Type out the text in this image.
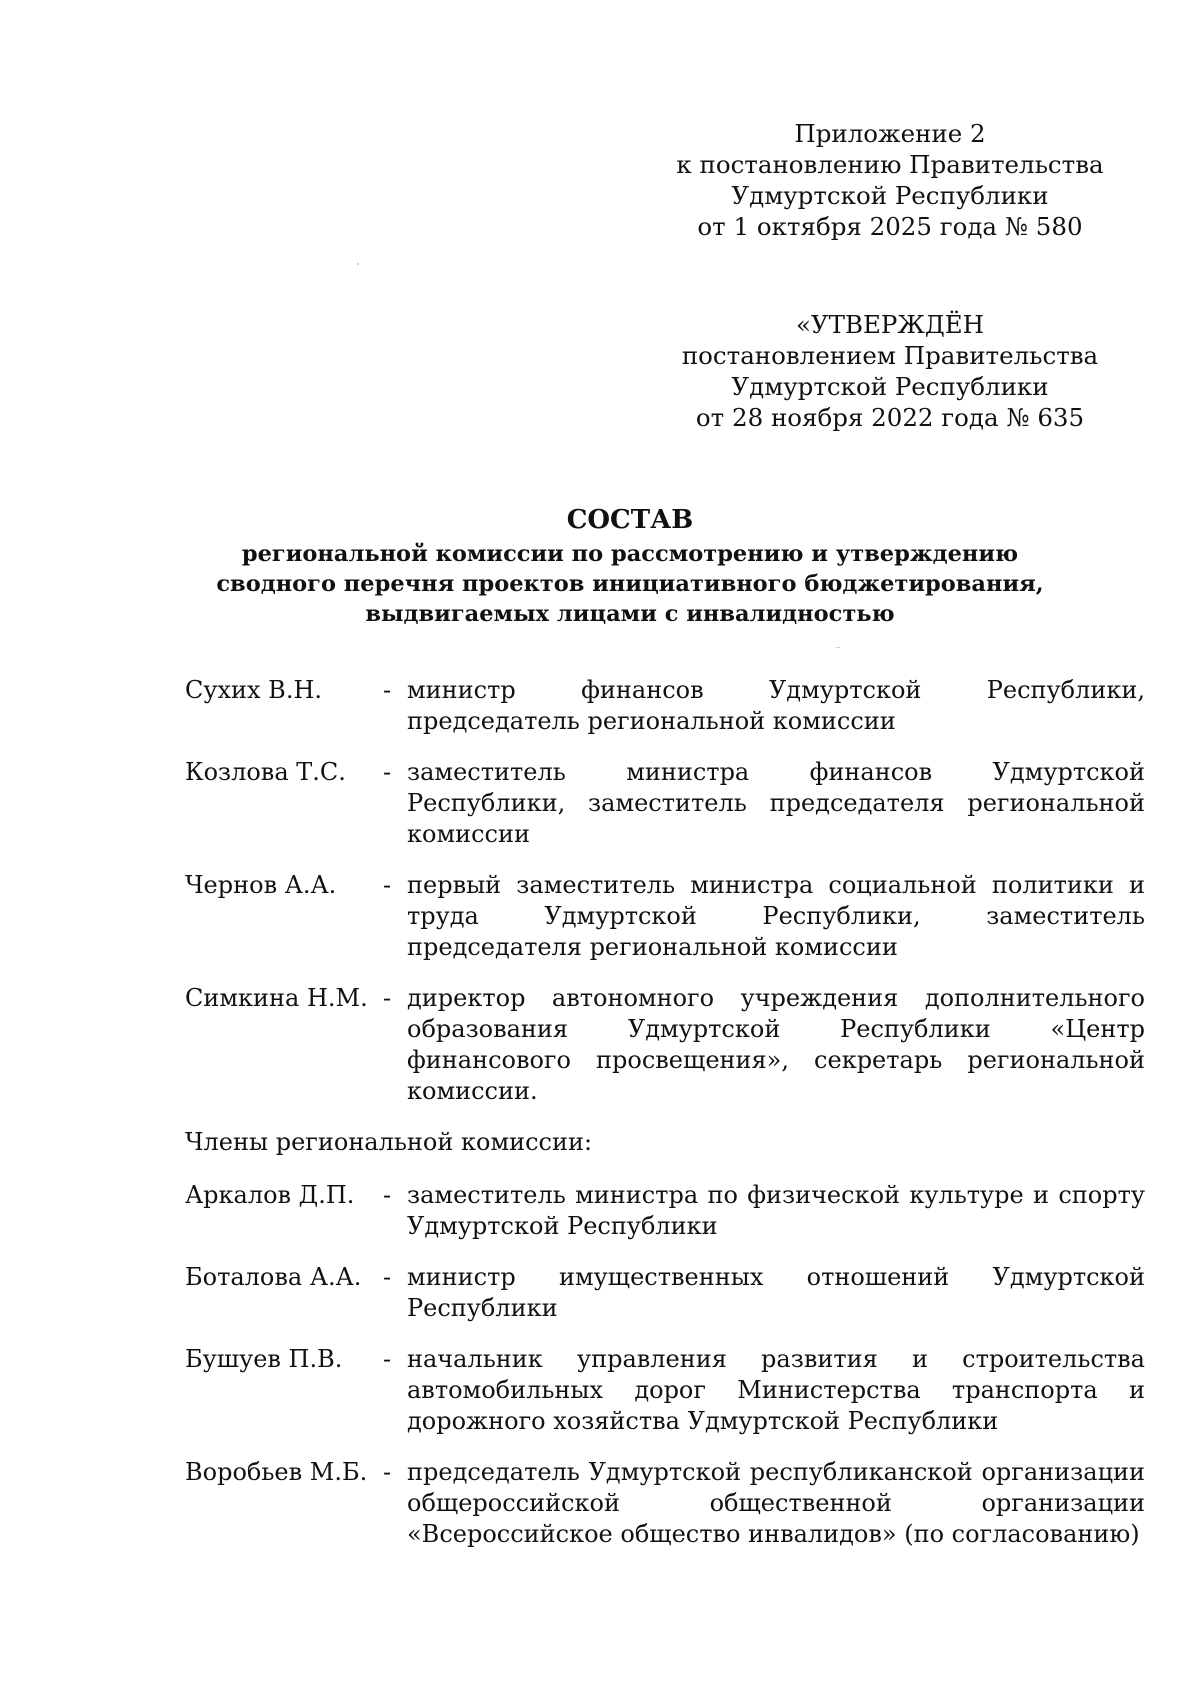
Приложение 2
к постановлению Правительства
Удмуртской Республики
от 1 октября 2025 года № 580
«УТВЕРЖДЁН
постановлением Правительства
Удмуртской Республики
от 28 ноября 2022 года № 635
СОСТАВ
региональной комиссии по рассмотрению и утверждению
сводного перечня проектов инициативного бюджетирования,
выдвигаемых лицами с инвалидностью
Сухих В.Н.	- министр финансов Удмуртской Республики, председатель региональной комиссии
Козлова Т.С.	- заместитель министра финансов Удмуртской Республики, заместитель председателя региональной комиссии
Чернов А.А.	- первый заместитель министра социальной политики и труда Удмуртской Республики, заместитель председателя региональной комиссии
Симкина Н.М. - директор автономного учреждения дополнительного образования Удмуртской Республики «Центр финансового просвещения», секретарь региональной комиссии.
Члены региональной комиссии:
Аркалов Д.П.	- заместитель министра по физической культуре и спорту Удмуртской Республики
Боталова А.А. - министр имущественных отношений Удмуртской Республики
Бушуев П.В.	- начальник управления развития и строительства автомобильных дорог Министерства транспорта и дорожного хозяйства Удмуртской Республики
Воробьев М.Б. - председатель Удмуртской республиканской организации общероссийской общественной организации «Всероссийское общество инвалидов» (по согласованию)
